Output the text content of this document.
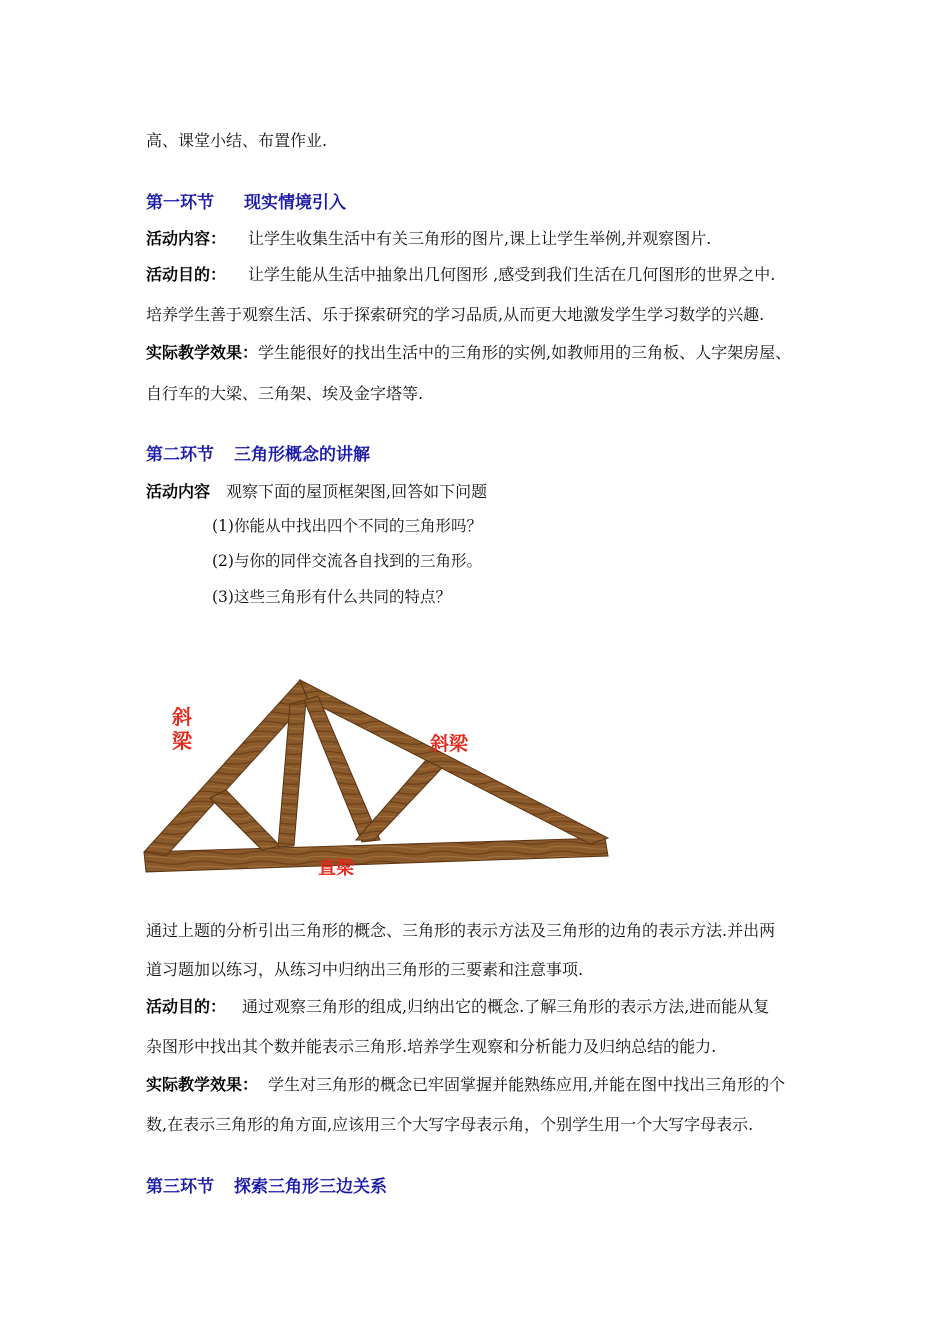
高、课堂小结、布置作业.
第一环节 现实情境引入
活动内容： 让学生收集生活中有关三角形的图片,课上让学生举例,并观察图片.
活动目的： 让学生能从生活中抽象出几何图形 ,感受到我们生活在几何图形的世界之中.
培养学生善于观察生活、乐于探索研究的学习品质,从而更大地激发学生学习数学的兴趣.
实际教学效果：学生能很好的找出生活中的三角形的实例,如教师用的三角板、人字架房屋、
自行车的大梁、三角架、埃及金字塔等.
第二环节 三角形概念的讲解
活动内容 观察下面的屋顶框架图,回答如下问题
(1)你能从中找出四个不同的三角形吗？
(2)与你的同伴交流各自找到的三角形。
(3)这些三角形有什么共同的特点？
斜
梁	斜梁
直梁
通过上题的分析引出三角形的概念、三角形的表示方法及三角形的边角的表示方法.并出两
道习题加以练习，从练习中归纳出三角形的三要素和注意事项.
活动目的： 通过观察三角形的组成,归纳出它的概念.了解三角形的表示方法,进而能从复
杂图形中找出其个数并能表示三角形.培养学生观察和分析能力及归纳总结的能力.
实际教学效果： 学生对三角形的概念已牢固掌握并能熟练应用,并能在图中找出三角形的个
数,在表示三角形的角方面,应该用三个大写字母表示角，个别学生用一个大写字母表示.
第三环节 探索三角形三边关系
